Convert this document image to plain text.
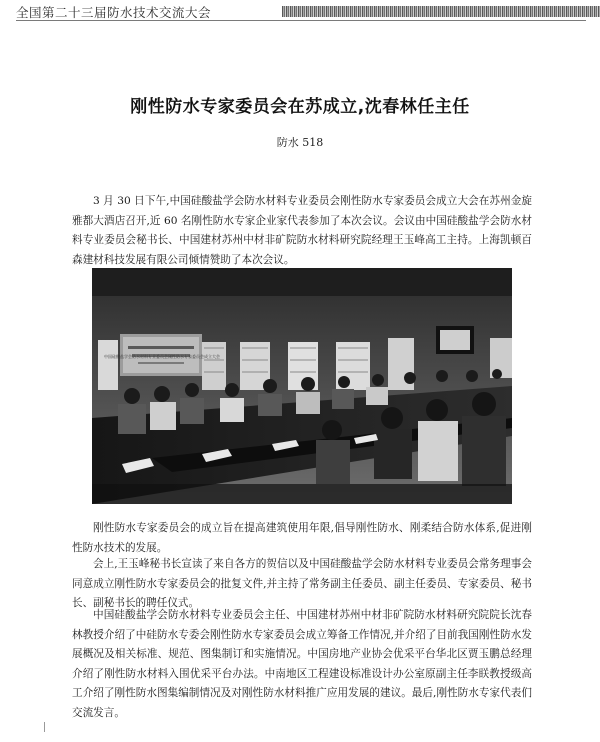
全国第二十三届防水技术交流大会
刚性防水专家委员会在苏成立,沈春林任主任
防水 518

3 月 30 日下午,中国硅酸盐学会防水材料专业委员会刚性防水专家委员会成立大会在苏州金旋雅都大酒店召开,近 60 名刚性防水专家企业家代表参加了本次会议。会议由中国硅酸盐学会防水材料专业委员会秘书长、中国建材苏州中材非矿院防水材料研究院经理王玉峰高工主持。上海凯顿百森建材科技发展有限公司倾情赞助了本次会议。

中国硅酸盐学会防水材料专业委员会刚性防水专家委员会成立大会

刚性防水专家委员会的成立旨在提高建筑使用年限,倡导刚性防水、刚柔结合防水体系,促进刚性防水技术的发展。

会上,王玉峰秘书长宣读了来自各方的贺信以及中国硅酸盐学会防水材料专业委员会常务理事会同意成立刚性防水专家委员会的批复文件,并主持了常务副主任委员、副主任委员、专家委员、秘书长、副秘书长的聘任仪式。

中国硅酸盐学会防水材料专业委员会主任、中国建材苏州中材非矿院防水材料研究院院长沈春林教授介绍了中硅防水专委会刚性防水专家委员会成立筹备工作情况,并介绍了目前我国刚性防水发展概况及相关标准、规范、图集制订和实施情况。中国房地产业协会优采平台华北区贾玉鹏总经理介绍了刚性防水材料入围优采平台办法。中南地区工程建设标准设计办公室原副主任李眹教授级高工介绍了刚性防水图集编制情况及对刚性防水材料推广应用发展的建议。最后,刚性防水专家代表们交流发言。
